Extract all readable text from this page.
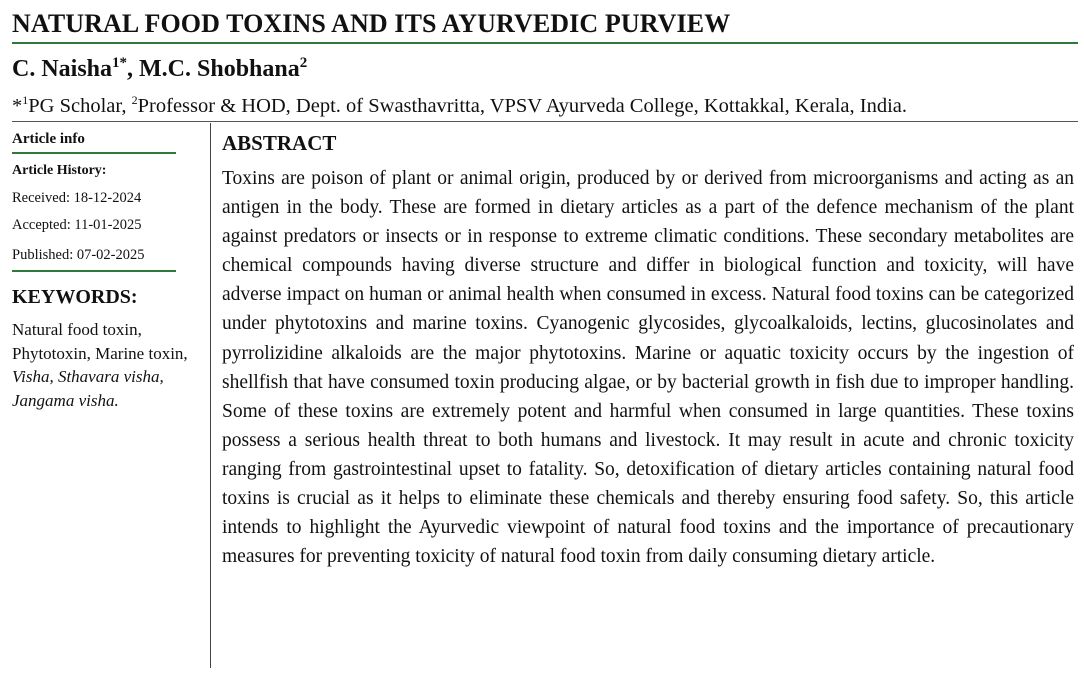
NATURAL FOOD TOXINS AND ITS AYURVEDIC PURVIEW
C. Naisha$^{1*}$, M.C. Shobhana$^2$
*$^1$PG Scholar, $^2$Professor & HOD, Dept. of Swasthavritta, VPSV Ayurveda College, Kottakkal, Kerala, India.
Article info
Article History:
Received: 18-12-2024
Accepted: 11-01-2025
Published: 07-02-2025
KEYWORDS:
Natural food toxin, Phytotoxin, Marine toxin, Visha, Sthavara visha, Jangama visha.
ABSTRACT
Toxins are poison of plant or animal origin, produced by or derived from microorganisms and acting as an antigen in the body. These are formed in dietary articles as a part of the defence mechanism of the plant against predators or insects or in response to extreme climatic conditions. These secondary metabolites are chemical compounds having diverse structure and differ in biological function and toxicity, will have adverse impact on human or animal health when consumed in excess. Natural food toxins can be categorized under phytotoxins and marine toxins. Cyanogenic glycosides, glycoalkaloids, lectins, glucosinolates and pyrrolizidine alkaloids are the major phytotoxins. Marine or aquatic toxicity occurs by the ingestion of shellfish that have consumed toxin producing algae, or by bacterial growth in fish due to improper handling. Some of these toxins are extremely potent and harmful when consumed in large quantities. These toxins possess a serious health threat to both humans and livestock. It may result in acute and chronic toxicity ranging from gastrointestinal upset to fatality. So, detoxification of dietary articles containing natural food toxins is crucial as it helps to eliminate these chemicals and thereby ensuring food safety. So, this article intends to highlight the Ayurvedic viewpoint of natural food toxins and the importance of precautionary measures for preventing toxicity of natural food toxin from daily consuming dietary article.
